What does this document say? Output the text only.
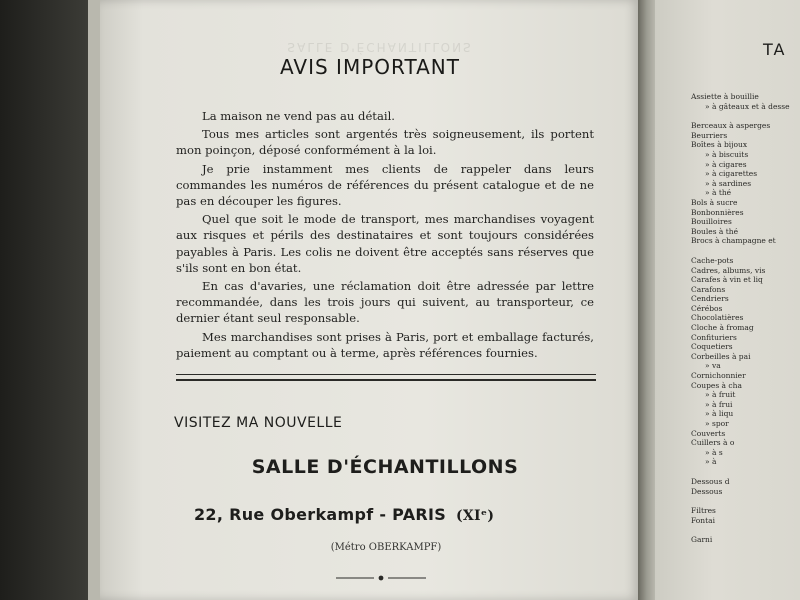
SALLE D'ÉCHANTILLONS
AVIS IMPORTANT

La maison ne vend pas au détail.

Tous mes articles sont argentés très soigneusement, ils portent mon poinçon, déposé conformément à la loi.

Je prie instamment mes clients de rappeler dans leurs commandes les numéros de références du présent catalogue et de ne pas en découper les figures.

Quel que soit le mode de transport, mes marchandises voyagent aux risques et périls des destinataires et sont toujours considérées payables à Paris. Les colis ne doivent être acceptés sans réserves que s'ils sont en bon état.

En cas d'avaries, une réclamation doit être adressée par lettre recommandée, dans les trois jours qui suivent, au transporteur, ce dernier étant seul responsable.

Mes marchandises sont prises à Paris, port et emballage facturés, paiement au comptant ou à terme, après références fournies.

VISITEZ MA NOUVELLE
SALLE D'ÉCHANTILLONS
22, Rue Oberkampf - PARIS (XIᵉ)
(Métro OBERKAMPF)
TA
Assiette à bouillie
» à gâteaux et à desse
Berceaux à asperges
Beurriers
Boîtes à bijoux
» à biscuits
» à cigares
» à cigarettes
» à sardines
» à thé
Bols à sucre
Bonbonnières
Bouilloires
Boules à thé
Brocs à champagne et
Cache-pots
Cadres, albums, vis
Carafes à vin et liq
Carafons
Cendriers
Cérébos
Chocolatières
Cloche à fromag
Confituriers
Coquetiers
Corbeilles à pai
» va
Cornichonnier
Coupes à cha
» à fruit
» à frui
» à liqu
» spor
Couverts
Cuillers à o
» à s
» à
Dessous d
Dessous
Filtres
Fontai
Garni
